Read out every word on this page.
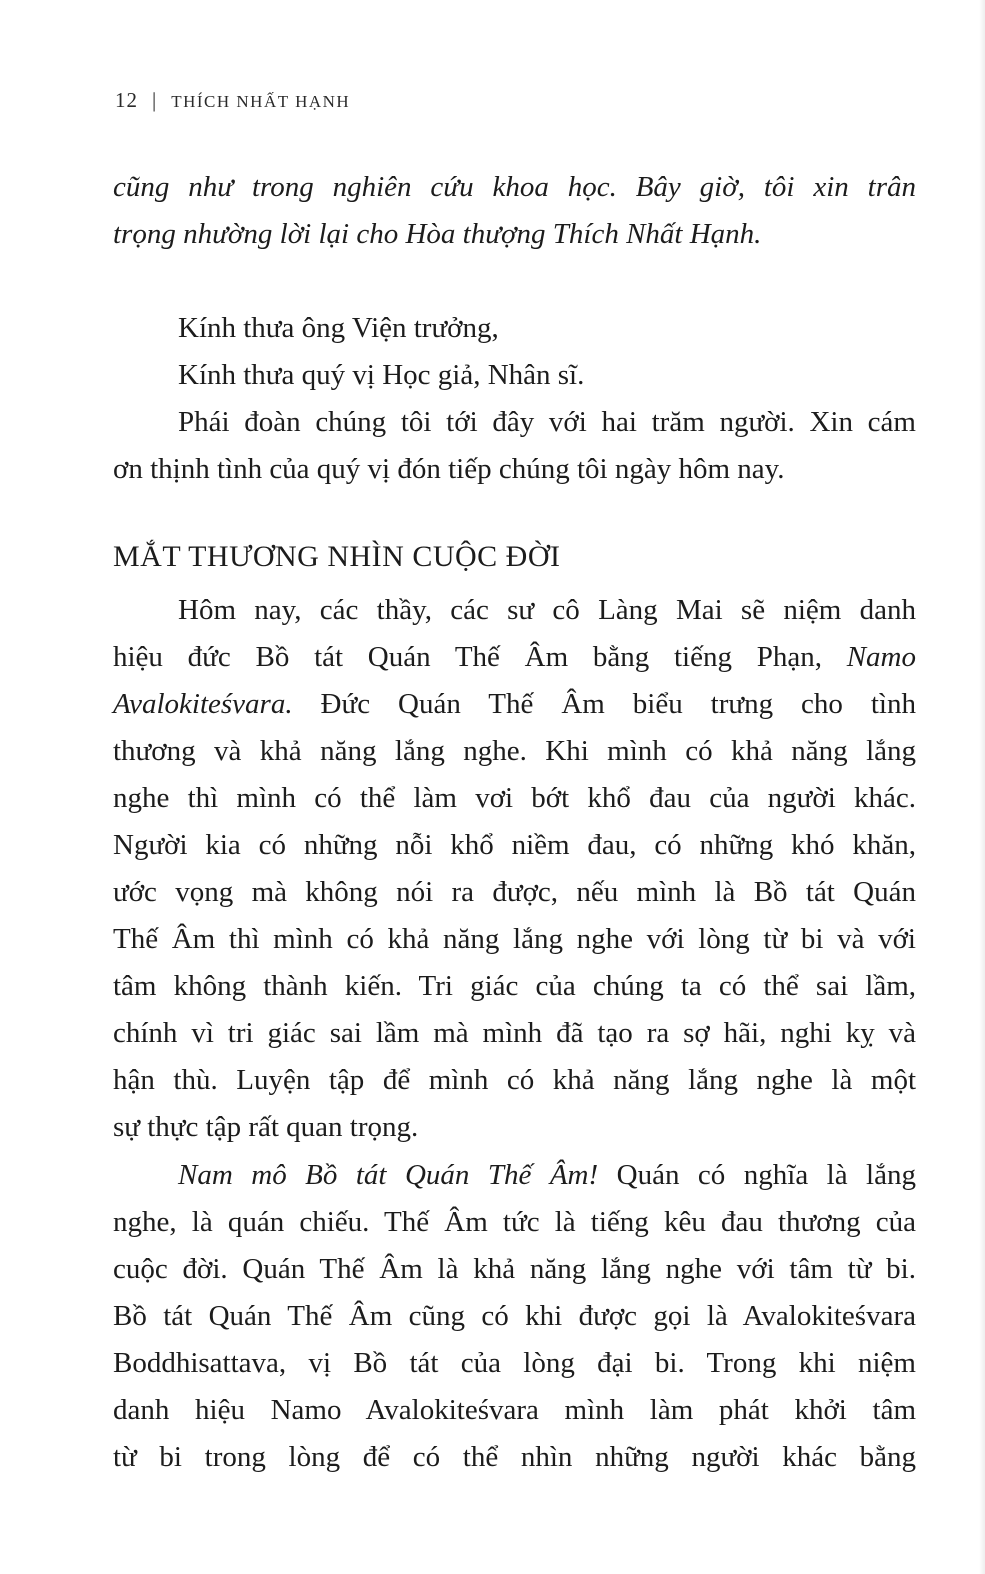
12 | THÍCH NHẤT HẠNH

cũng như trong nghiên cứu khoa học. Bây giờ, tôi xin trân
trọng nhường lời lại cho Hòa thượng Thích Nhất Hạnh.

Kính thưa ông Viện trưởng,
Kính thưa quý vị Học giả, Nhân sĩ.
Phái đoàn chúng tôi tới đây với hai trăm người. Xin cám
ơn thịnh tình của quý vị đón tiếp chúng tôi ngày hôm nay.

MẮT THƯƠNG NHÌN CUỘC ĐỜI

Hôm nay, các thầy, các sư cô Làng Mai sẽ niệm danh
hiệu đức Bồ tát Quán Thế Âm bằng tiếng Phạn, Namo
Avalokiteśvara. Đức Quán Thế Âm biểu trưng cho tình
thương và khả năng lắng nghe. Khi mình có khả năng lắng
nghe thì mình có thể làm vơi bớt khổ đau của người khác.
Người kia có những nỗi khổ niềm đau, có những khó khăn,
ước vọng mà không nói ra được, nếu mình là Bồ tát Quán
Thế Âm thì mình có khả năng lắng nghe với lòng từ bi và với
tâm không thành kiến. Tri giác của chúng ta có thể sai lầm,
chính vì tri giác sai lầm mà mình đã tạo ra sợ hãi, nghi kỵ và
hận thù. Luyện tập để mình có khả năng lắng nghe là một
sự thực tập rất quan trọng.

Nam mô Bồ tát Quán Thế Âm! Quán có nghĩa là lắng
nghe, là quán chiếu. Thế Âm tức là tiếng kêu đau thương của
cuộc đời. Quán Thế Âm là khả năng lắng nghe với tâm từ bi.
Bồ tát Quán Thế Âm cũng có khi được gọi là Avalokiteśvara
Boddhisattava, vị Bồ tát của lòng đại bi. Trong khi niệm
danh hiệu Namo Avalokiteśvara mình làm phát khởi tâm
từ bi trong lòng để có thể nhìn những người khác bằng
